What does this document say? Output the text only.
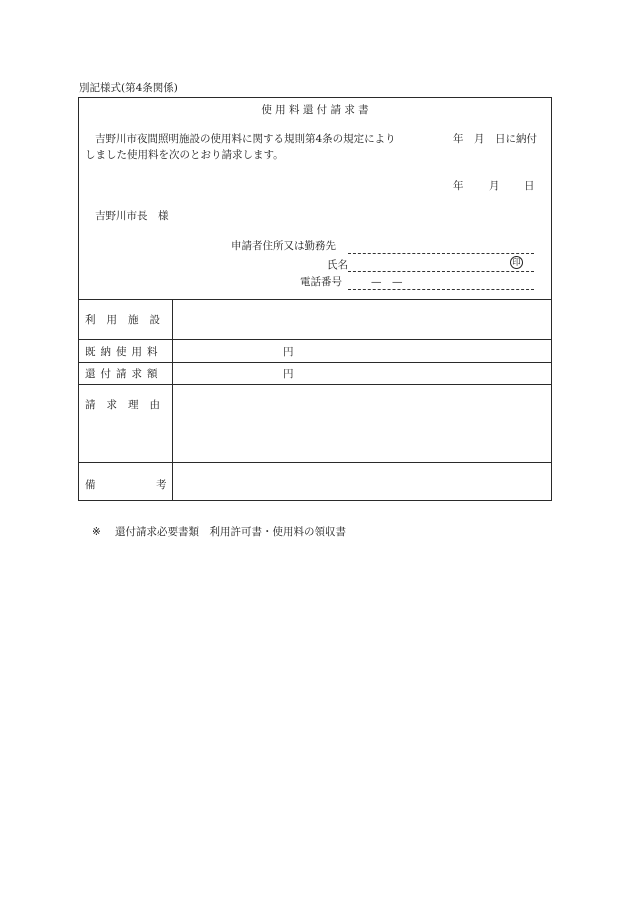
別記様式(第4条関係)
使 用 料 還 付 請 求 書
吉野川市夜間照明施設の使用料に関する規則第4条の規定により	年　月　日に納付
しました使用料を次のとおり請求します。
年 月 日
吉野川市長　様
申請者住所又は勤務先
氏名	印
電話番号	—　—
利用施設
既納使用料	円
還付請求額	円
請求理由
備	考
※ 還付請求必要書類　利用許可書・使用料の領収書
